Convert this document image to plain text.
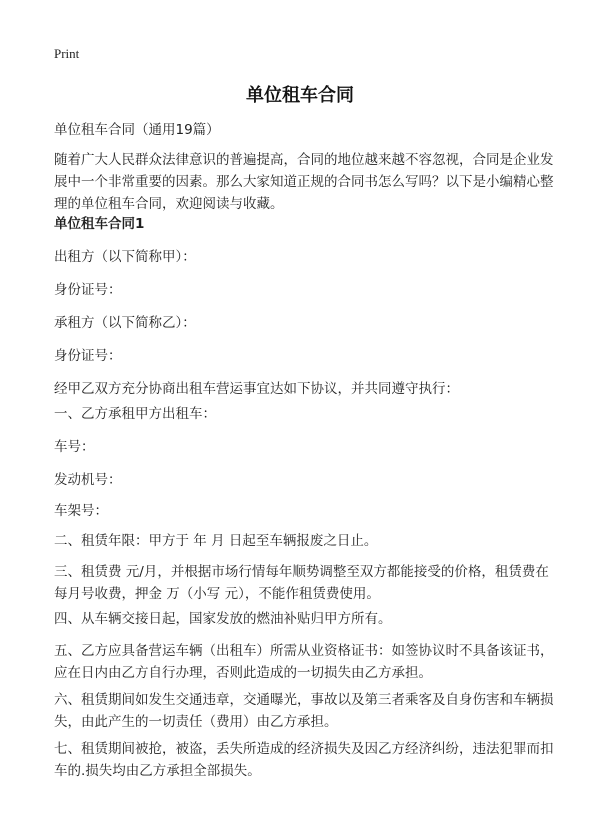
Print
单位租车合同
单位租车合同（通用19篇）
随着广大人民群众法律意识的普遍提高，合同的地位越来越不容忽视，合同是企业发展中一个非常重要的因素。那么大家知道正规的合同书怎么写吗？以下是小编精心整理的单位租车合同，欢迎阅读与收藏。
单位租车合同1
出租方（以下简称甲）：
身份证号：
承租方（以下简称乙）：
身份证号：
经甲乙双方充分协商出租车营运事宜达如下协议，并共同遵守执行：
一、乙方承租甲方出租车：
车号：
发动机号：
车架号：
二、租赁年限：甲方于 年 月 日起至车辆报废之日止。
三、租赁费 元/月，并根据市场行情每年顺势调整至双方都能接受的价格，租赁费在每月号收费，押金 万（小写 元），不能作租赁费使用。
四、从车辆交接日起，国家发放的燃油补贴归甲方所有。
五、乙方应具备营运车辆（出租车）所需从业资格证书：如签协议时不具备该证书，应在日内由乙方自行办理，否则此造成的一切损失由乙方承担。
六、租赁期间如发生交通违章，交通曝光，事故以及第三者乘客及自身伤害和车辆损失，由此产生的一切责任（费用）由乙方承担。
七、租赁期间被抢，被盗，丢失所造成的经济损失及因乙方经济纠纷，违法犯罪而扣车的.损失均由乙方承担全部损失。
